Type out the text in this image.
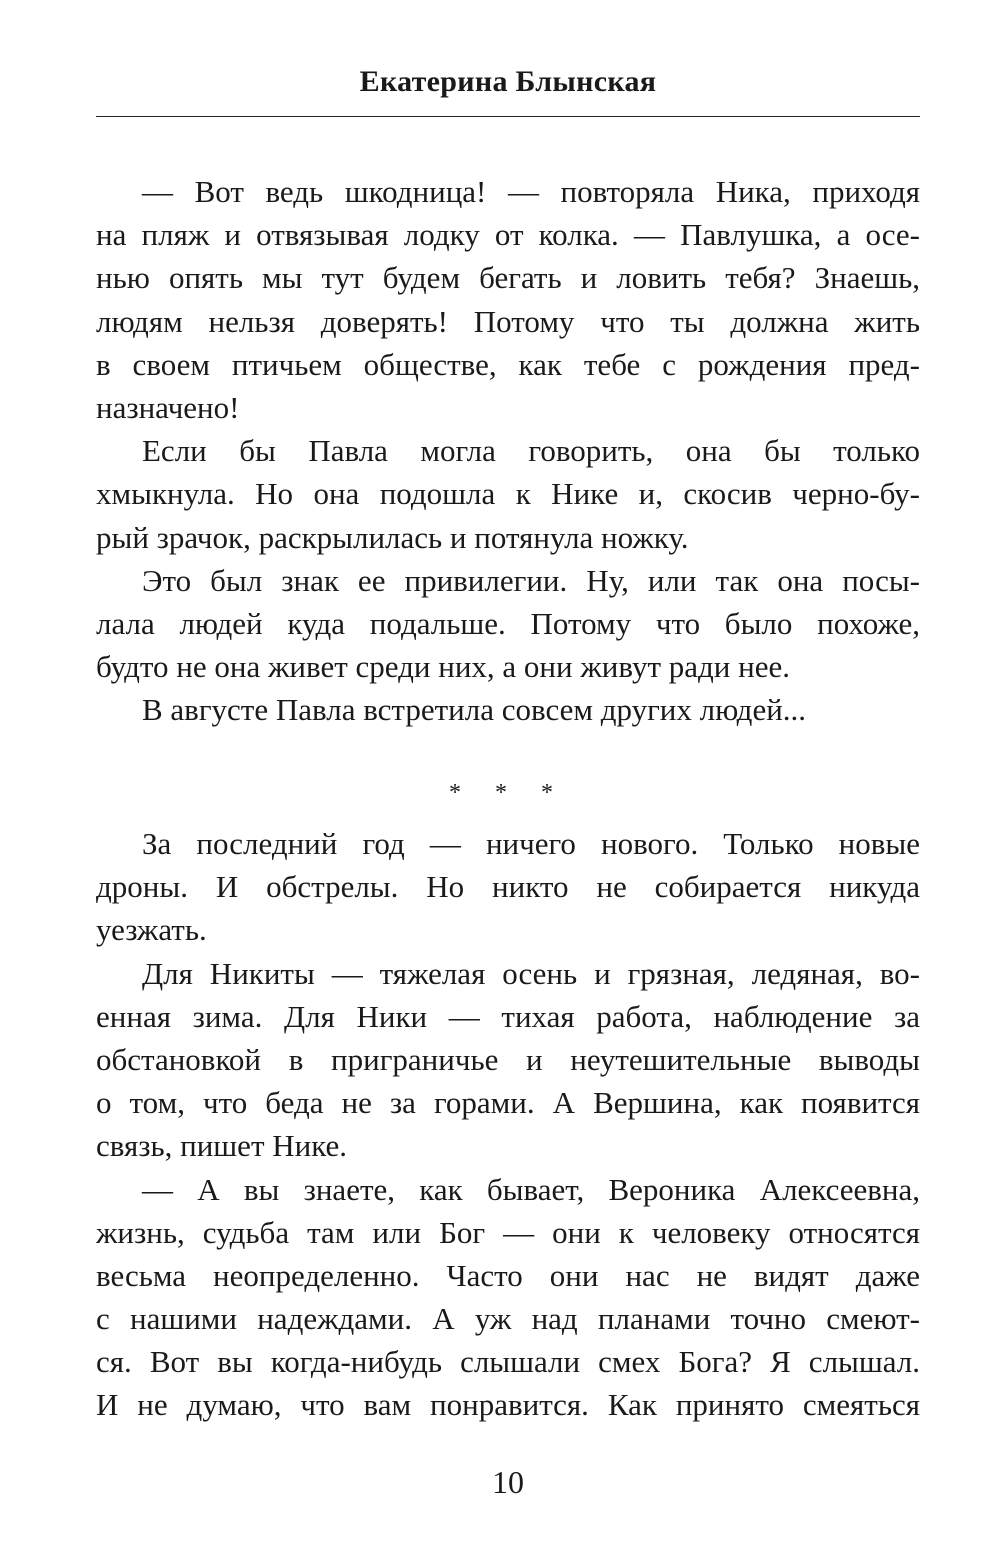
Екатерина Блынская
— Вот ведь шкодница! — повторяла Ника, приходя
на пляж и отвязывая лодку от колка. — Павлушка, а осе-
нью опять мы тут будем бегать и ловить тебя? Знаешь,
людям нельзя доверять! Потому что ты должна жить
в своем птичьем обществе, как тебе с рождения пред-
назначено!
Если бы Павла могла говорить, она бы только
хмыкнула. Но она подошла к Нике и, скосив черно-бу-
рый зрачок, раскрылилась и потянула ножку.
Это был знак ее привилегии. Ну, или так она посы-
лала людей куда подальше. Потому что было похоже,
будто не она живет среди них, а они живут ради нее.
В августе Павла встретила совсем других людей...
* * *
За последний год — ничего нового. Только новые
дроны. И обстрелы. Но никто не собирается никуда
уезжать.
Для Никиты — тяжелая осень и грязная, ледяная, во-
енная зима. Для Ники — тихая работа, наблюдение за
обстановкой в приграничье и неутешительные выводы
о том, что беда не за горами. А Вершина, как появится
связь, пишет Нике.
— А вы знаете, как бывает, Вероника Алексеевна,
жизнь, судьба там или Бог — они к человеку относятся
весьма неопределенно. Часто они нас не видят даже
с нашими надеждами. А уж над планами точно смеют-
ся. Вот вы когда-нибудь слышали смех Бога? Я слышал.
И не думаю, что вам понравится. Как принято смеяться
10
